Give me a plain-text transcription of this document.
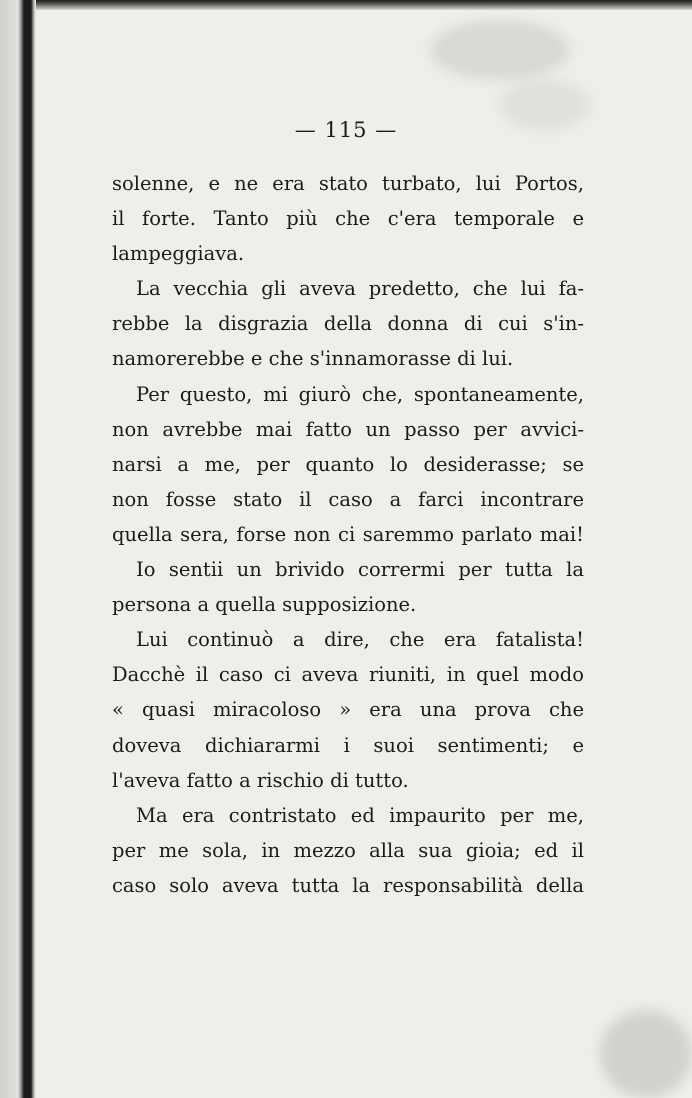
— 115 —
solenne, e ne era stato turbato, lui Portos,
il forte. Tanto più che c'era temporale e
lampeggiava.
La vecchia gli aveva predetto, che lui fa-
rebbe la disgrazia della donna di cui s'in-
namorerebbe e che s'innamorasse di lui.
Per questo, mi giurò che, spontaneamente,
non avrebbe mai fatto un passo per avvici-
narsi a me, per quanto lo desiderasse; se
non fosse stato il caso a farci incontrare
quella sera, forse non ci saremmo parlato mai!
Io sentii un brivido corrermi per tutta la
persona a quella supposizione.
Lui continuò a dire, che era fatalista!
Dacchè il caso ci aveva riuniti, in quel modo
« quasi miracoloso » era una prova che
doveva dichiararmi i suoi sentimenti; e
l'aveva fatto a rischio di tutto.
Ma era contristato ed impaurito per me,
per me sola, in mezzo alla sua gioia; ed il
caso solo aveva tutta la responsabilità della
